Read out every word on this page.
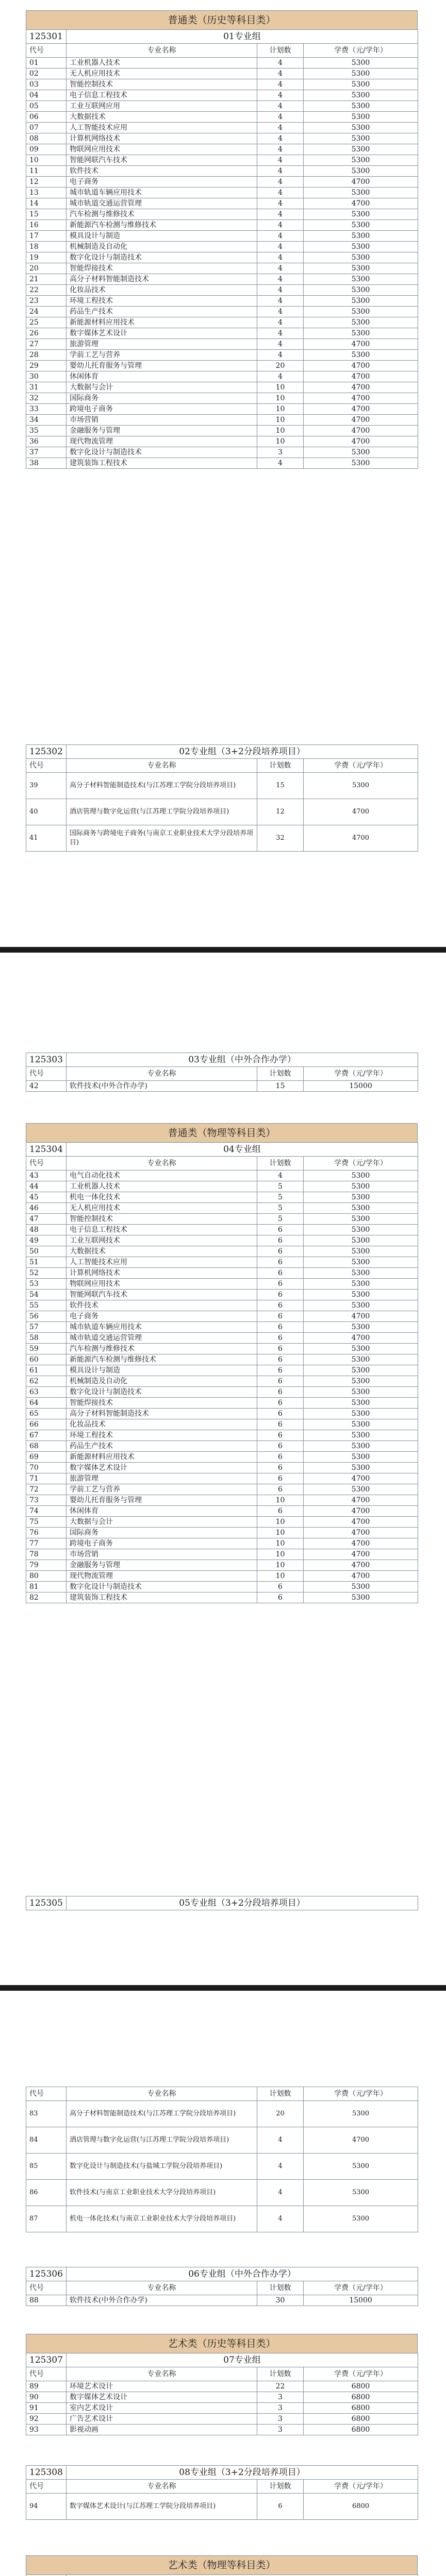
普通类（历史等科目类）
125301	01专业组		
代号	专业名称	计划数	学费（元/学年）
01	工业机器人技术	4	5300
02	无人机应用技术	4	5300
03	智能控制技术	4	5300
04	电子信息工程技术	4	5300
05	工业互联网应用	4	5300
06	大数据技术	4	5300
07	人工智能技术应用	4	5300
08	计算机网络技术	4	5300
09	物联网应用技术	4	5300
10	智能网联汽车技术	4	5300
11	软件技术	4	5300
12	电子商务	4	4700
13	城市轨道车辆应用技术	4	5300
14	城市轨道交通运营管理	4	4700
15	汽车检测与维修技术	4	5300
16	新能源汽车检测与维修技术	4	5300
17	模具设计与制造	4	5300
18	机械制造及自动化	4	5300
19	数字化设计与制造技术	4	5300
20	智能焊接技术	4	5300
21	高分子材料智能制造技术	4	5300
22	化妆品技术	4	5300
23	环境工程技术	4	5300
24	药品生产技术	4	5300
25	新能源材料应用技术	4	5300
26	数字媒体艺术设计	4	5300
27	旅游管理	4	4700
28	学前工艺与营养	4	5300
29	婴幼儿托育服务与管理	20	4700
30	休闲体育	4	4700
31	大数据与会计	10	4700
32	国际商务	10	4700
33	跨境电子商务	10	4700
34	市场营销	10	4700
35	金融服务与管理	10	4700
36	现代物流管理	10	4700
37	数字化设计与制造技术	3	5300
38	建筑装饰工程技术	4	5300
125302	02专业组（3+2分段培养项目）		
代号	专业名称	计划数	学费（元/学年）
39	高分子材料智能制造技术(与江苏理工学院分段培养项目)	15	5300
40	酒店管理与数字化运营(与江苏理工学院分段培养项目)	12	4700
41	国际商务与跨境电子商务(与南京工业职业技术大学分段培养项目)	32	4700
125303	03专业组（中外合作办学）		
代号	专业名称	计划数	学费（元/学年）
42	软件技术(中外合作办学)	15	15000
普通类（物理等科目类）
125304	04专业组		
代号	专业名称	计划数	学费（元/学年）
43	电气自动化技术	4	5300
44	工业机器人技术	5	5300
45	机电一体化技术	5	5300
46	无人机应用技术	5	5300
47	智能控制技术	5	5300
48	电子信息工程技术	6	5300
49	工业互联网技术	6	5300
50	大数据技术	6	5300
51	人工智能技术应用	6	5300
52	计算机网络技术	6	5300
53	物联网应用技术	6	5300
54	智能网联汽车技术	6	5300
55	软件技术	6	5300
56	电子商务	6	4700
57	城市轨道车辆应用技术	6	5300
58	城市轨道交通运营管理	6	4700
59	汽车检测与维修技术	6	5300
60	新能源汽车检测与维修技术	6	5300
61	模具设计与制造	6	5300
62	机械制造及自动化	6	5300
63	数字化设计与制造技术	6	5300
64	智能焊接技术	6	5300
65	高分子材料智能制造技术	6	5300
66	化妆品技术	6	5300
67	环境工程技术	6	5300
68	药品生产技术	6	5300
69	新能源材料应用技术	6	5300
70	数字媒体艺术设计	6	5300
71	旅游管理	6	4700
72	学前工艺与营养	6	5300
73	婴幼儿托育服务与管理	10	4700
74	休闲体育	6	4700
75	大数据与会计	10	4700
76	国际商务	10	4700
77	跨境电子商务	10	4700
78	市场营销	10	4700
79	金融服务与管理	10	4700
80	现代物流管理	10	4700
81	数字化设计与制造技术	6	5300
82	建筑装饰工程技术	6	5300
125305	05专业组（3+2分段培养项目）
代号	专业名称	计划数	学费（元/学年）
83	高分子材料智能制造技术(与江苏理工学院分段培养项目)	20	5300
84	酒店管理与数字化运营(与江苏理工学院分段培养项目)	4	4700
85	数字化设计与制造技术(与盐城工学院分段培养项目)	4	5300
86	软件技术(与南京工业职业技术大学分段培养项目)	4	5300
87	机电一体化技术(与南京工业职业技术大学分段培养项目)	4	5300
125306	06专业组（中外合作办学）		
代号	专业名称	计划数	学费（元/学年）
88	软件技术(中外合作办学)	30	15000
艺术类（历史等科目类）
125307	07专业组		
代号	专业名称	计划数	学费（元/学年）
89	环境艺术设计	22	6800
90	数字媒体艺术设计	3	6800
91	室内艺术设计	3	6800
92	广告艺术设计	3	6800
93	影视动画	3	6800
125308	08专业组（3+2分段培养项目）		
代号	专业名称	计划数	学费（元/学年）
94	数字媒体艺术设计(与江苏理工学院分段培养项目)	6	6800
艺术类（物理等科目类）
